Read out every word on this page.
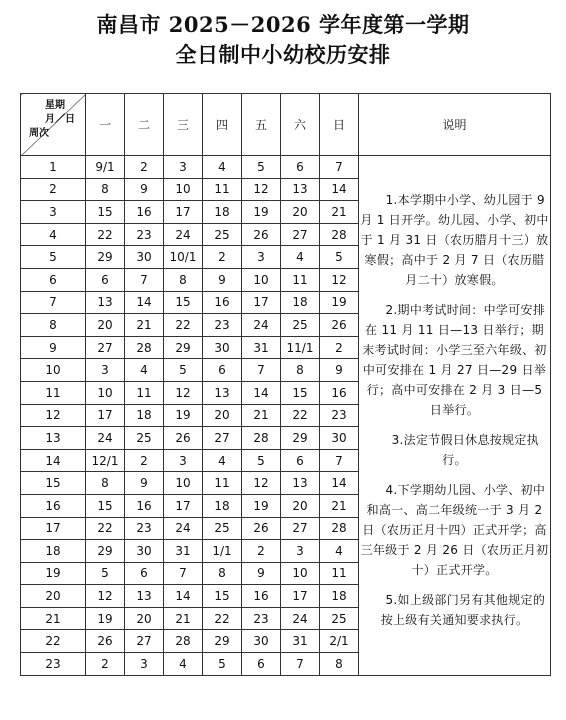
南昌市 2025－2026 学年度第一学期
全日制中小幼校历安排
星期
月／日
周次	一	二	三	四	五	六	日	说明
1	9/1	2	3	4	5	6	7	1.本学期中小学、幼儿园于 9 月 1 日开学。幼儿园、小学、初中于 1 月 31 日（农历腊月十三）放寒假；高中于 2 月 7 日（农历腊月二十）放寒假。

2.期中考试时间：中学可安排在 11 月 11 日—13 日举行；期末考试时间：小学三至六年级、初中可安排在 1 月 27 日—29 日举行；高中可安排在 2 月 3 日—5 日举行。

3.法定节假日休息按规定执行。

4.下学期幼儿园、小学、初中和高一、高二年级统一于 3 月 2 日（农历正月十四）正式开学；高三年级于 2 月 26 日（农历正月初十）正式开学。

5.如上级部门另有其他规定的按上级有关通知要求执行。

2	8	9	10	11	12	13	14	
3	15	16	17	18	19	20	21	
4	22	23	24	25	26	27	28	
5	29	30	10/1	2	3	4	5	
6	6	7	8	9	10	11	12	
7	13	14	15	16	17	18	19	
8	20	21	22	23	24	25	26	
9	27	28	29	30	31	11/1	2	
10	3	4	5	6	7	8	9	
11	10	11	12	13	14	15	16	
12	17	18	19	20	21	22	23	
13	24	25	26	27	28	29	30	
14	12/1	2	3	4	5	6	7	
15	8	9	10	11	12	13	14	
16	15	16	17	18	19	20	21	
17	22	23	24	25	26	27	28	
18	29	30	31	1/1	2	3	4	
19	5	6	7	8	9	10	11	
20	12	13	14	15	16	17	18	
21	19	20	21	22	23	24	25	
22	26	27	28	29	30	31	2/1	
23	2	3	4	5	6	7	8	
